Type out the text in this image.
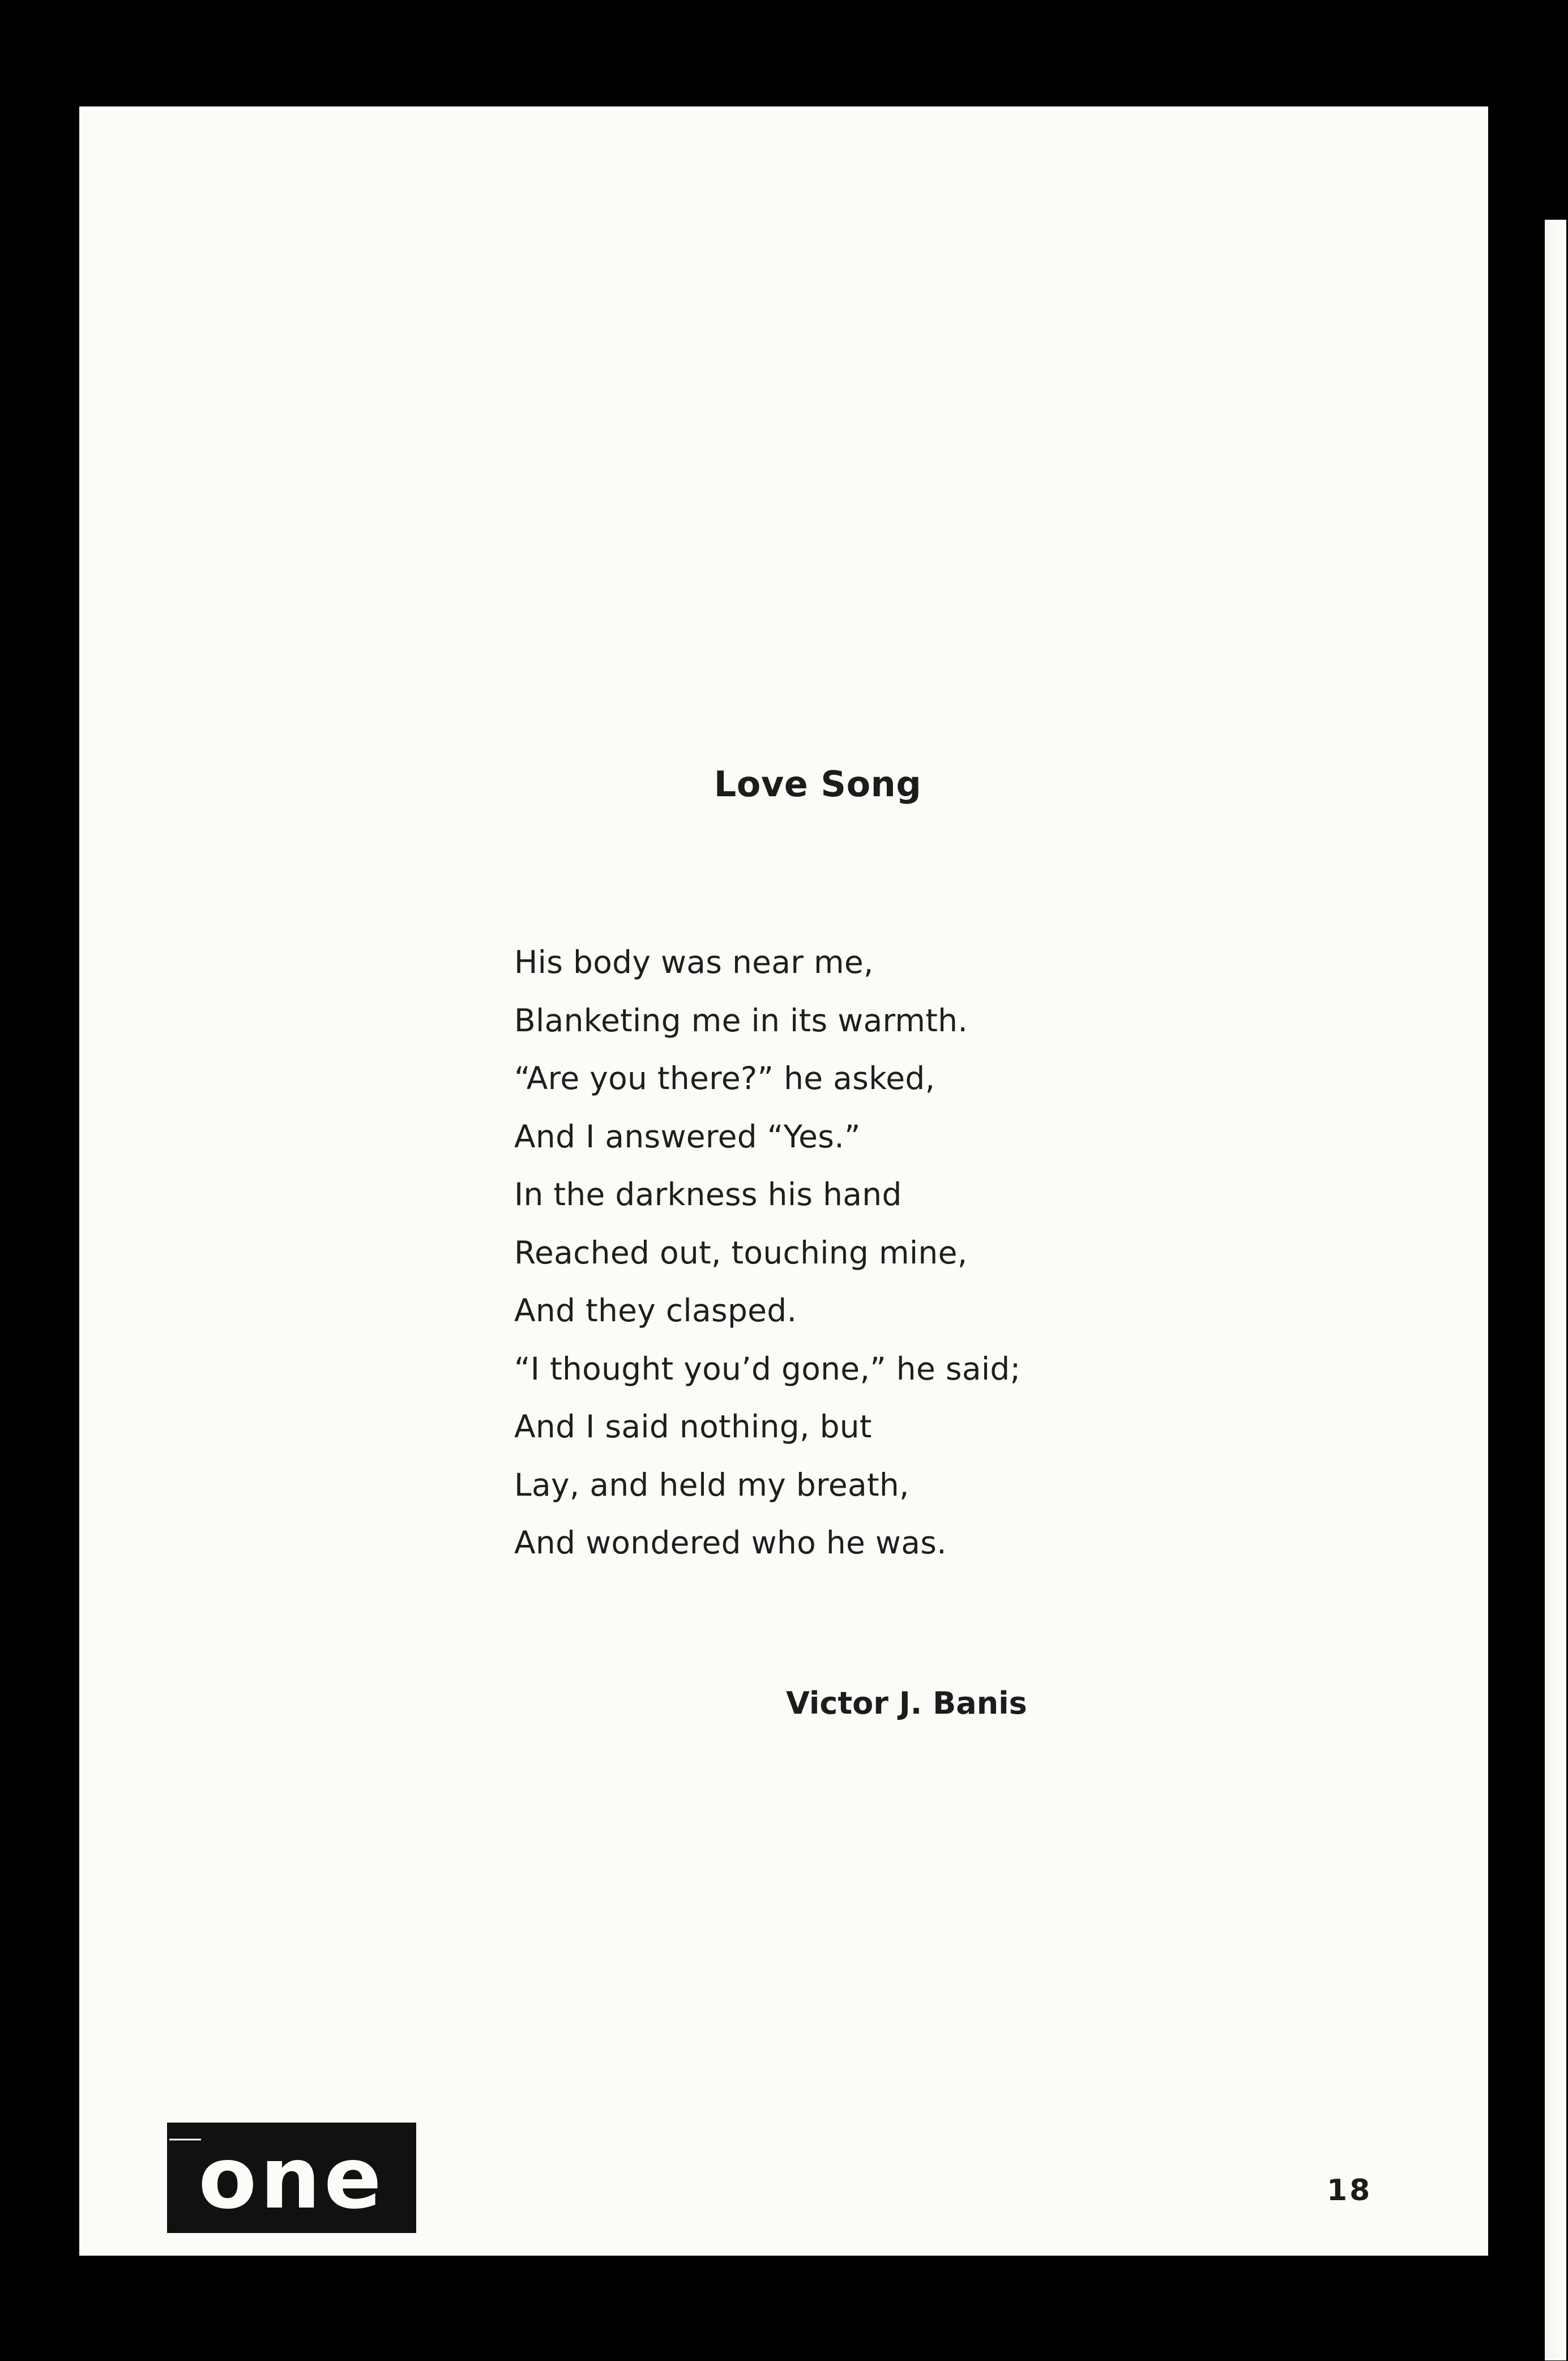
Love Song
His body was near me,
Blanketing me in its warmth.
“Are you there?” he asked,
And I answered “Yes.”
In the darkness his hand
Reached out, touching mine,
And they clasped.
“I thought you’d gone,” he said;
And I said nothing, but
Lay, and held my breath,
And wondered who he was.
Victor J. Banis
one	18
